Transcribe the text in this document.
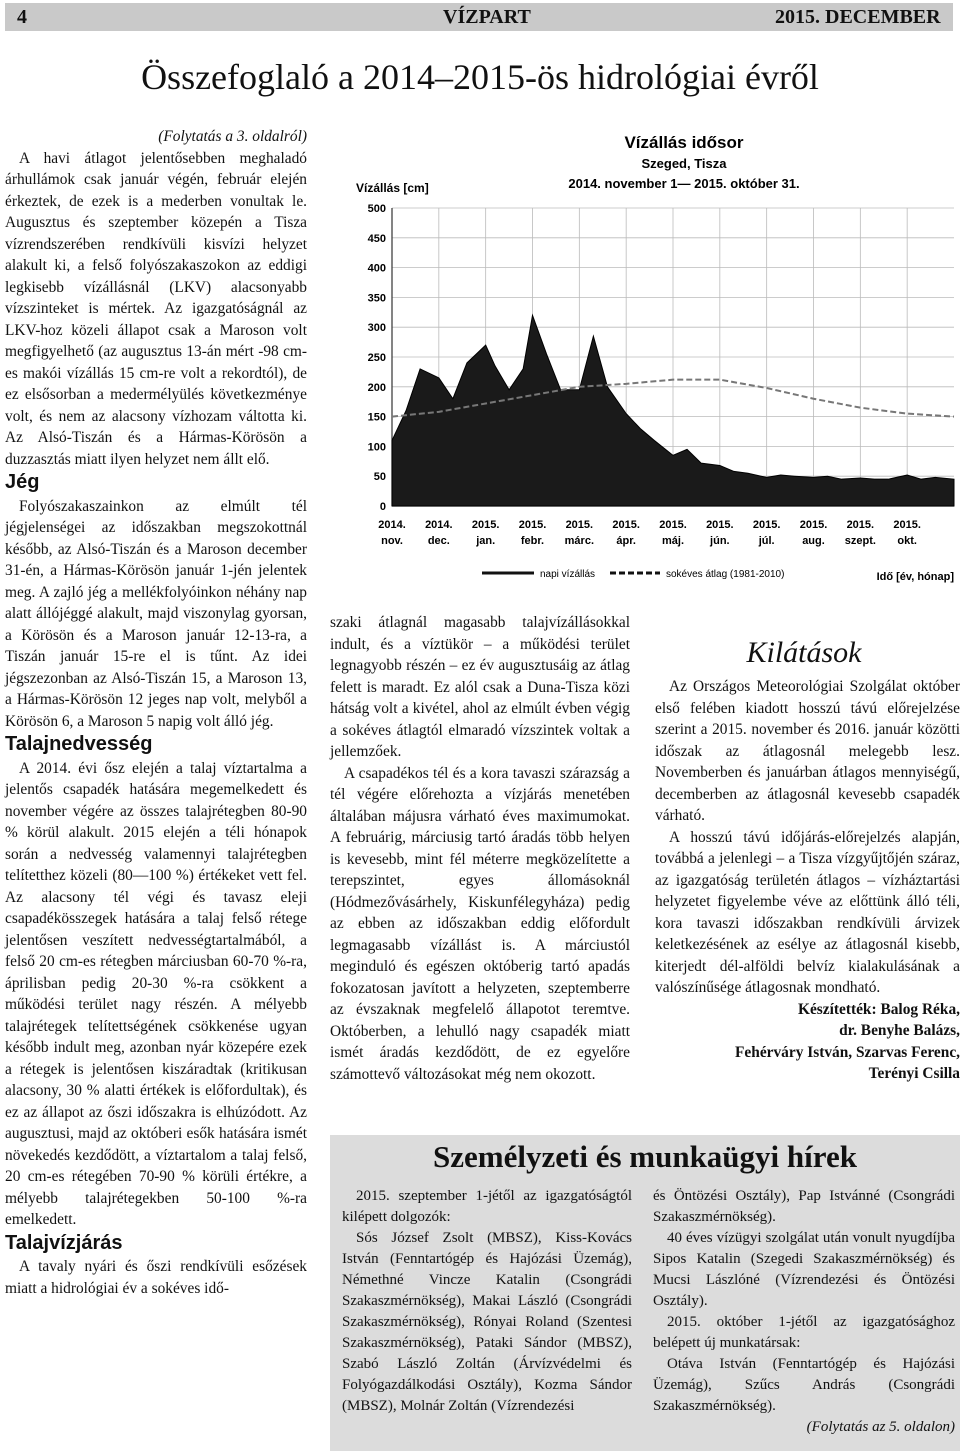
4	VÍZPART	2015. DECEMBER
Összefoglaló a 2014–2015-ös hidrológiai évről

(Folytatás a 3. oldalról)

A havi átlagot jelentősebben meghaladó árhullámok csak január végén, február elején érkeztek, de ezek is a mederben vonultak le. Augusztus és szeptember közepén a Tisza vízrendszerében rendkívüli kisvízi helyzet alakult ki, a felső folyószakaszokon az eddigi legkisebb vízállásnál (LKV) alacsonyabb vízszinteket is mértek. Az igazgatóságnál az LKV-hoz közeli állapot csak a Maroson volt megfigyelhető (az augusztus 13-án mért -98 cm-es makói vízállás 15 cm-re volt a rekordtól), de ez elsősorban a medermélyülés következménye volt, és nem az alacsony vízhozam váltotta ki. Az Alsó-Tiszán és a Hármas-Körösön a duzzasztás miatt ilyen helyzet nem állt elő.

Jég

Folyószakaszainkon az elmúlt tél jégjelenségei az időszakban megszokottnál később, az Alsó-Tiszán és a Maroson december 31-én, a Hármas-Körösön január 1-jén jelentek meg. A zajló jég a mellékfolyóinkon néhány nap alatt állójéggé alakult, majd viszonylag gyorsan, a Körösön és a Maroson január 12-13-ra, a Tiszán január 15-re el is tűnt. Az idei jégszezonban az Alsó-Tiszán 15, a Maroson 13, a Hármas-Körösön 12 jeges nap volt, melyből a Körösön 6, a Maroson 5 napig volt álló jég.

Talajnedvesség

A 2014. évi ősz elején a talaj víztartalma a jelentős csapadék hatására megemelkedett és november végére az összes talajrétegben 80-90 % körül alakult. 2015 elején a téli hónapok során a nedvesség valamennyi talajrétegben telítetthez közeli (80—100 %) értékeket vett fel. Az alacsony tél végi és tavasz eleji csapadékösszegek hatására a talaj felső rétege jelentősen veszített nedvességtartalmából, a felső 20 cm-es rétegben márciusban 60-70 %-ra, áprilisban pedig 20-30 %-ra csökkent a működési terület nagy részén. A mélyebb talajrétegek telítettségének csökkenése ugyan később indult meg, azonban nyár közepére ezek a rétegek is jelentősen kiszáradtak (kritikusan alacsony, 30 % alatti értékek is előfordultak), és ez az állapot az őszi időszakra is elhúzódott. Az augusztusi, majd az októberi esők hatására ismét növekedés kezdődött, a víztartalom a talaj felső, 20 cm-es rétegében 70-90 % körüli értékre, a mélyebb talajrétegekben 50-100 %-ra emelkedett.

Talajvízjárás

A tavaly nyári és őszi rendkívüli esőzések miatt a hidrológiai év a sokéves idő-

Vízállás idősor
Szeged, Tisza
2014. november 1— 2015. október 31.
Vízállás [cm]
500
450
400
350
300
250
200
150
100
50
0
2014.
nov.
2014.
dec.
2015.
jan.
2015.
febr.
2015.
márc.
2015.
ápr.
2015.
máj.
2015.
jún.
2015.
júl.
2015.
aug.
2015.
szept.
2015.
okt.
napi vízállás	sokéves átlag (1981-2010)	Idő [év, hónap]

szaki átlagnál magasabb talajvízállásokkal indult, és a víztükör – a működési terület legnagyobb részén – ez év augusztusáig az átlag felett is maradt. Ez alól csak a Duna-Tisza közi hátság volt a kivétel, ahol az elmúlt évben végig a sokéves átlagtól elmaradó vízszintek voltak a jellemzőek.

A csapadékos tél és a kora tavaszi szárazság a tél végére előrehozta a vízjárás menetében általában májusra várható éves maximumokat. A februárig, márciusig tartó áradás több helyen is kevesebb, mint fél méterre megközelítette a terepszintet, egyes állomásoknál (Hódmezővásárhely, Kiskunfélegyháza) pedig az ebben az időszakban eddig előfordult legmagasabb vízállást is. A márciustól meginduló és egészen októberig tartó apadás fokozatosan javított a helyzeten, szeptemberre az évszaknak megfelelő állapotot teremtve. Októberben, a lehulló nagy csapadék miatt ismét áradás kezdődött, de ez egyelőre számottevő változásokat még nem okozott.

Kilátások

Az Országos Meteorológiai Szolgálat október első felében kiadott hosszú távú előrejelzése szerint a 2015. november és 2016. január közötti időszak az átlagosnál melegebb lesz. Novemberben és januárban átlagos mennyiségű, decemberben az átlagosnál kevesebb csapadék várható.

A hosszú távú időjárás-előrejelzés alapján, továbbá a jelenlegi – a Tisza vízgyűjtőjén száraz, az igazgatóság területén átlagos – vízháztartási helyzetet figyelembe véve az előttünk álló téli, kora tavaszi időszakban rendkívüli árvizek keletkezésének az esélye az átlagosnál kisebb, kiterjedt dél-alföldi belvíz kialakulásának a valószínűsége átlagosnak mondható.

Készítették: Balog Réka,

dr. Benyhe Balázs,

Fehérváry István, Szarvas Ferenc,

Terényi Csilla

Személyzeti és munkaügyi hírek

2015. szeptember 1-jétől az igazgatóságtól kilépett dolgozók:

Sós József Zsolt (MBSZ), Kiss-Kovács István (Fenntartógép és Hajózási Üzemág), Némethné Vincze Katalin (Csongrádi Szakaszmérnökség), Makai László (Csongrádi Szakaszmérnökség), Rónyai Roland (Szentesi Szakaszmérnökség), Pataki Sándor (MBSZ), Szabó László Zoltán (Árvízvédelmi és Folyógazdálkodási Osztály), Kozma Sándor (MBSZ), Molnár Zoltán (Vízrendezési

és Öntözési Osztály), Pap Istvánné (Csongrádi Szakaszmérnökség).

40 éves vízügyi szolgálat után vonult nyugdíjba Sipos Katalin (Szegedi Szakaszmérnökség) és Mucsi Lászlóné (Vízrendezési és Öntözési Osztály).

2015. október 1-jétől az igazgatósághoz belépett új munkatársak:

Otáva István (Fenntartógép és Hajózási Üzemág), Szűcs András (Csongrádi Szakaszmérnökség).

(Folytatás az 5. oldalon)
